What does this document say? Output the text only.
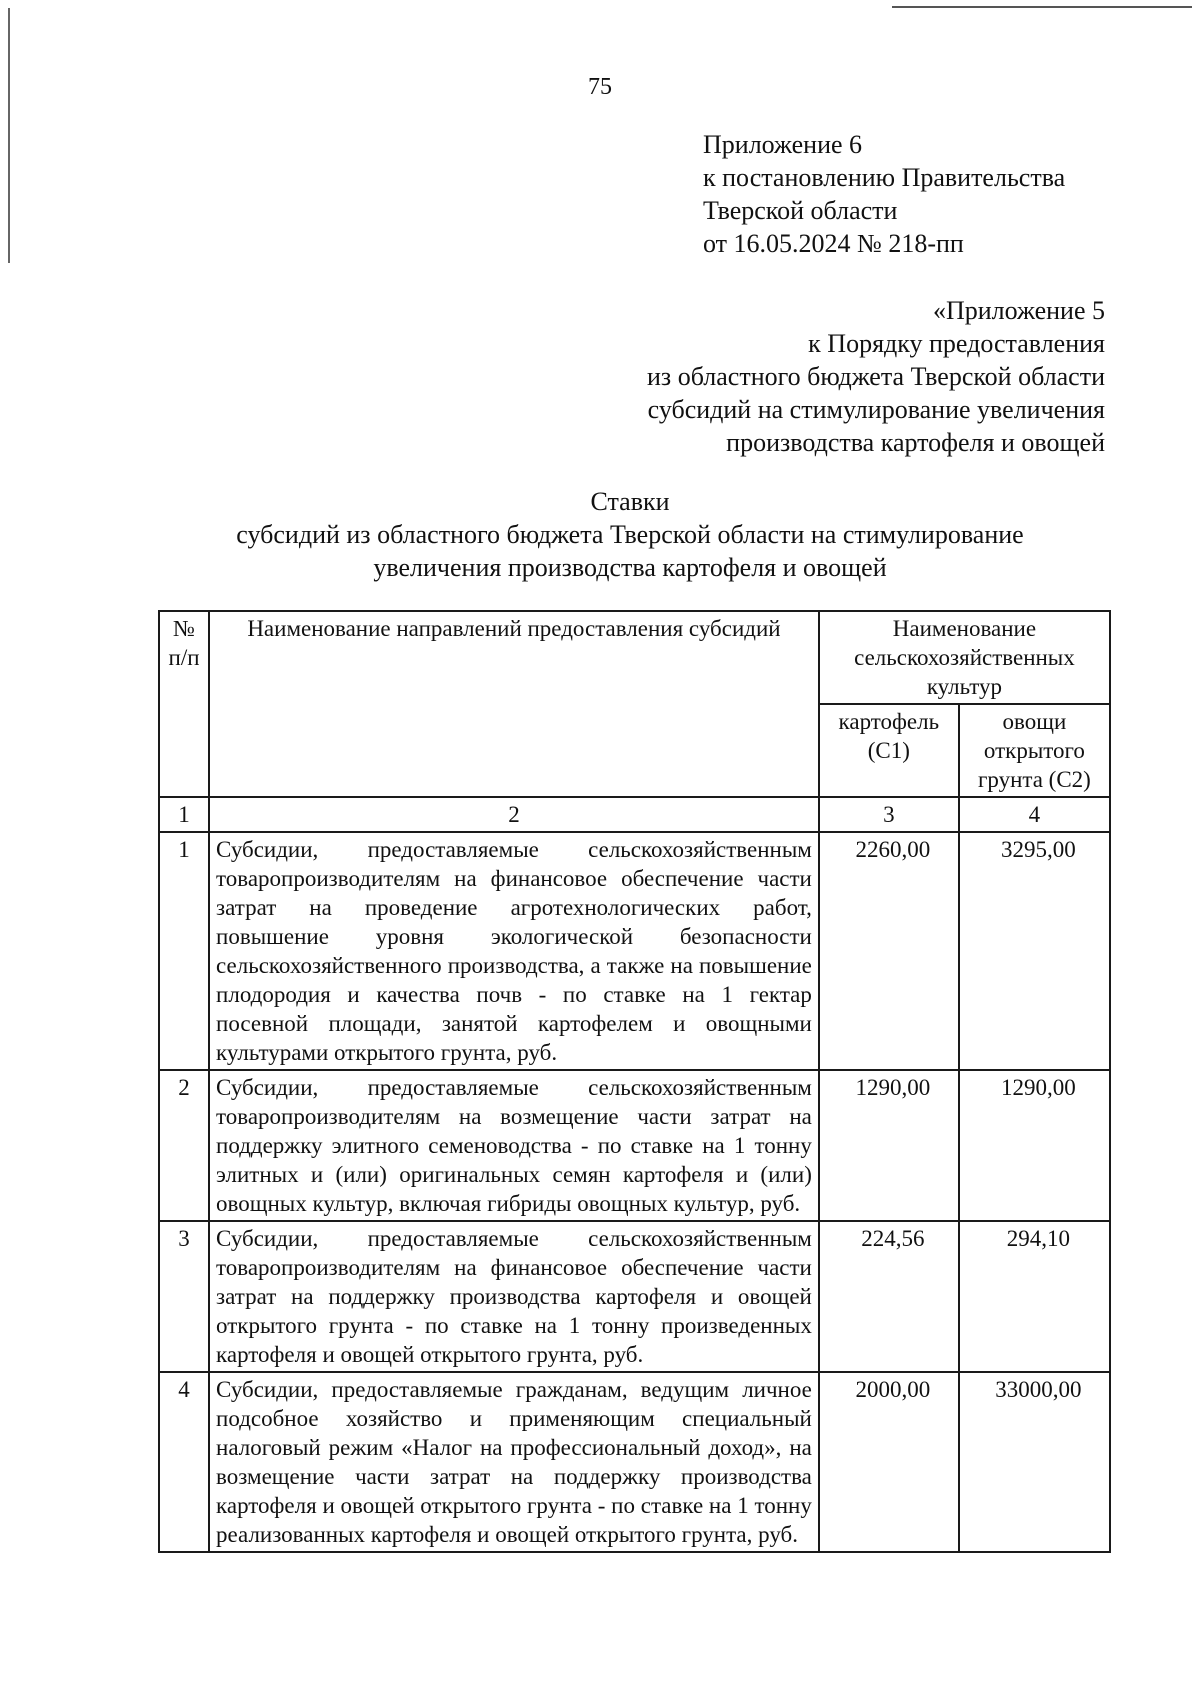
75
Приложение 6
к постановлению Правительства
Тверской области
от 16.05.2024 № 218-пп
«Приложение 5
к Порядку предоставления
из областного бюджета Тверской области
субсидий на стимулирование увеличения
производства картофеля и овощей
Ставки
субсидий из областного бюджета Тверской области на стимулирование
увеличения производства картофеля и овощей
№ п/п	Наименование направлений предоставления субсидий	Наименование сельскохозяйственных культур	
		картофель (С1)	овощи открытого грунта (С2)
1	2	3	4
1	Субсидии, предоставляемые сельскохозяйственным товаропроизводителям на финансовое обеспечение части затрат на проведение агротехнологических работ, повышение уровня экологической безопасности сельскохозяйственного производства, а также на повышение плодородия и качества почв - по ставке на 1 гектар посевной площади, занятой картофелем и овощными культурами открытого грунта, руб.	2260,00	3295,00
2	Субсидии, предоставляемые сельскохозяйственным товаропроизводителям на возмещение части затрат на поддержку элитного семеноводства - по ставке на 1 тонну элитных и (или) оригинальных семян картофеля и (или) овощных культур, включая гибриды овощных культур, руб.	1290,00	1290,00
3	Субсидии, предоставляемые сельскохозяйственным товаропроизводителям на финансовое обеспечение части затрат на поддержку производства картофеля и овощей открытого грунта - по ставке на 1 тонну произведенных картофеля и овощей открытого грунта, руб.	224,56	294,10
4	Субсидии, предоставляемые гражданам, ведущим личное подсобное хозяйство и применяющим специальный налоговый режим «Налог на профессиональный доход», на возмещение части затрат на поддержку производства картофеля и овощей открытого грунта - по ставке на 1 тонну реализованных картофеля и овощей открытого грунта, руб.	2000,00	33000,00
